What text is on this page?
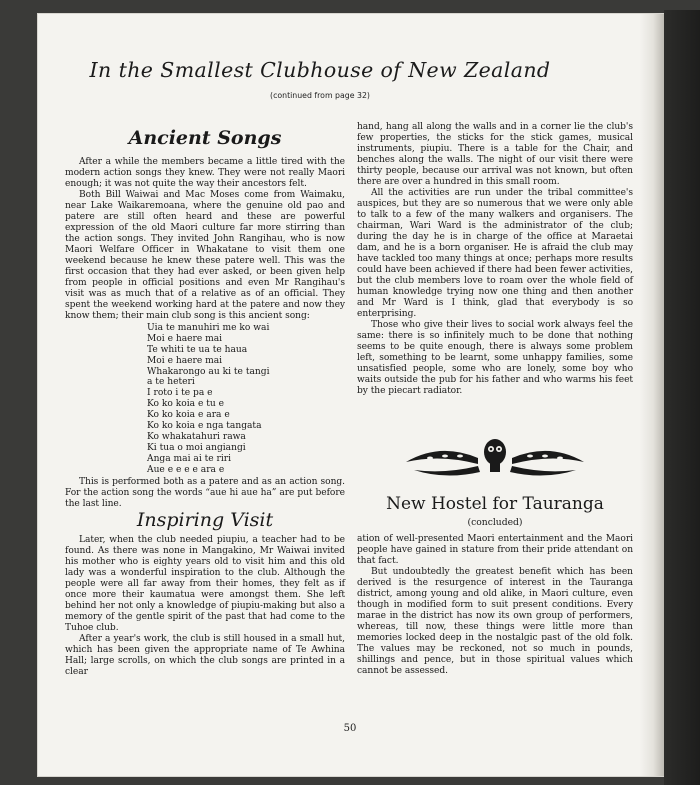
In the Smallest Clubhouse of New Zealand
(continued from page 32)
Ancient Songs

After a while the members became a little tired with the modern action songs they knew. They were not really Maori enough; it was not quite the way their ancestors felt.

Both Bill Waiwai and Mac Moses come from Waimaku, near Lake Waikaremoana, where the genuine old pao and patere are still often heard and these are powerful expression of the old Maori culture far more stirring than the action songs. They invited John Rangihau, who is now Maori Welfare Officer in Whakatane to visit them one weekend because he knew these patere well. This was the first occasion that they had ever asked, or been given help from people in official positions and even Mr Rangihau's visit was as much that of a relative as of an official. They spent the weekend working hard at the patere and now they know them; their main club song is this ancient song:

Uia te manuhiri me ko wai
Moi e haere mai
Te whiti te ua te haua
Moi e haere mai
Whakarongo au ki te tangi
a te heteri
I roto i te pa e
Ko ko koia e tu e
Ko ko koia e ara e
Ko ko koia e nga tangata
Ko whakatahuri rawa
Ki tua o moi angiangi
Anga mai ai te riri
Aue e e e e ara e

This is performed both as a patere and as an action song. For the action song the words “aue hi aue ha” are put before the last line.

Inspiring Visit

Later, when the club needed piupiu, a teacher had to be found. As there was none in Mangakino, Mr Waiwai invited his mother who is eighty years old to visit him and this old lady was a wonderful inspiration to the club. Although the people were all far away from their homes, they felt as if once more their kaumatua were amongst them. She left behind her not only a knowledge of piupiu-making but also a memory of the gentle spirit of the past that had come to the Tuhoe club.

After a year's work, the club is still housed in a small hut, which has been given the appropriate name of Te Awhina Hall; large scrolls, on which the club songs are printed in a clear

hand, hang all along the walls and in a corner lie the club's few properties, the sticks for the stick games, musical instruments, piupiu. There is a table for the Chair, and benches along the walls. The night of our visit there were thirty people, because our arrival was not known, but often there are over a hundred in this small room.

All the activities are run under the tribal committee's auspices, but they are so numerous that we were only able to talk to a few of the many walkers and organisers. The chairman, Wari Ward is the administrator of the club; during the day he is in charge of the office at Maraetai dam, and he is a born organiser. He is afraid the club may have tackled too many things at once; perhaps more results could have been achieved if there had been fewer activities, but the club members love to roam over the whole field of human knowledge trying now one thing and then another and Mr Ward is I think, glad that everybody is so enterprising.

Those who give their lives to social work always feel the same: there is so infinitely much to be done that nothing seems to be quite enough, there is always some problem left, something to be learnt, some unhappy families, some unsatisfied people, some who are lonely, some boy who waits outside the pub for his father and who warms his feet by the piecart radiator.

New Hostel for Tauranga
(concluded)

ation of well-presented Maori entertainment and the Maori people have gained in stature from their pride attendant on that fact.

But undoubtedly the greatest benefit which has been derived is the resurgence of interest in the Tauranga district, among young and old alike, in Maori culture, even though in modified form to suit present conditions. Every marae in the district has now its own group of performers, whereas, till now, these things were little more than memories locked deep in the nostalgic past of the old folk. The values may be reckoned, not so much in pounds, shillings and pence, but in those spiritual values which cannot be assessed.

50
